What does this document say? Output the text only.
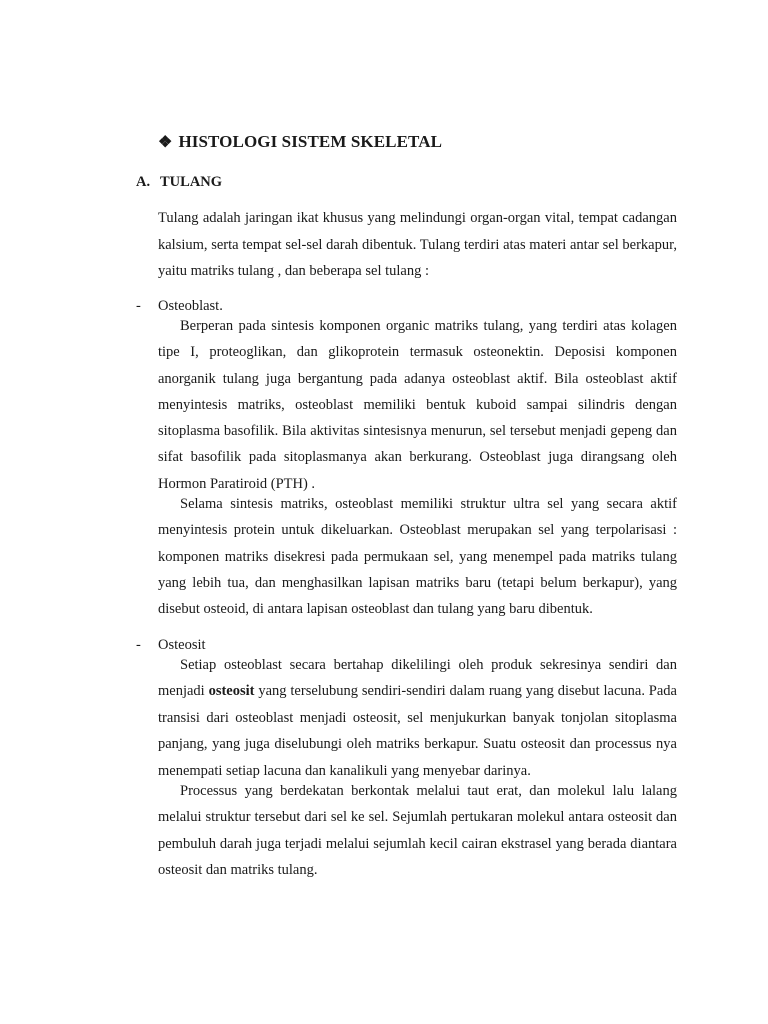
❖ HISTOLOGI SISTEM SKELETAL
A. TULANG

Tulang adalah jaringan ikat khusus yang melindungi organ-organ vital, tempat cadangan kalsium, serta tempat sel-sel darah dibentuk. Tulang terdiri atas materi antar sel berkapur, yaitu matriks tulang , dan beberapa sel tulang :

- Osteoblast.

Berperan pada sintesis komponen organic matriks tulang, yang terdiri atas kolagen tipe I, proteoglikan, dan glikoprotein termasuk osteonektin. Deposisi komponen anorganik tulang juga bergantung pada adanya osteoblast aktif. Bila osteoblast aktif menyintesis matriks, osteoblast memiliki bentuk kuboid sampai silindris dengan sitoplasma basofilik. Bila aktivitas sintesisnya menurun, sel tersebut menjadi gepeng dan sifat basofilik pada sitoplasmanya akan berkurang. Osteoblast juga dirangsang oleh Hormon Paratiroid (PTH) .

Selama sintesis matriks, osteoblast memiliki struktur ultra sel yang secara aktif menyintesis protein untuk dikeluarkan. Osteoblast merupakan sel yang terpolarisasi : komponen matriks disekresi pada permukaan sel, yang menempel pada matriks tulang yang lebih tua, dan menghasilkan lapisan matriks baru (tetapi belum berkapur), yang disebut osteoid, di antara lapisan osteoblast dan tulang yang baru dibentuk.

- Osteosit

Setiap osteoblast secara bertahap dikelilingi oleh produk sekresinya sendiri dan menjadi osteosit yang terselubung sendiri-sendiri dalam ruang yang disebut lacuna. Pada transisi dari osteoblast menjadi osteosit, sel menjukurkan banyak tonjolan sitoplasma panjang, yang juga diselubungi oleh matriks berkapur. Suatu osteosit dan processus nya menempati setiap lacuna dan kanalikuli yang menyebar darinya.

Processus yang berdekatan berkontak melalui taut erat, dan molekul lalu lalang melalui struktur tersebut dari sel ke sel. Sejumlah pertukaran molekul antara osteosit dan pembuluh darah juga terjadi melalui sejumlah kecil cairan ekstrasel yang berada diantara osteosit dan matriks tulang.
